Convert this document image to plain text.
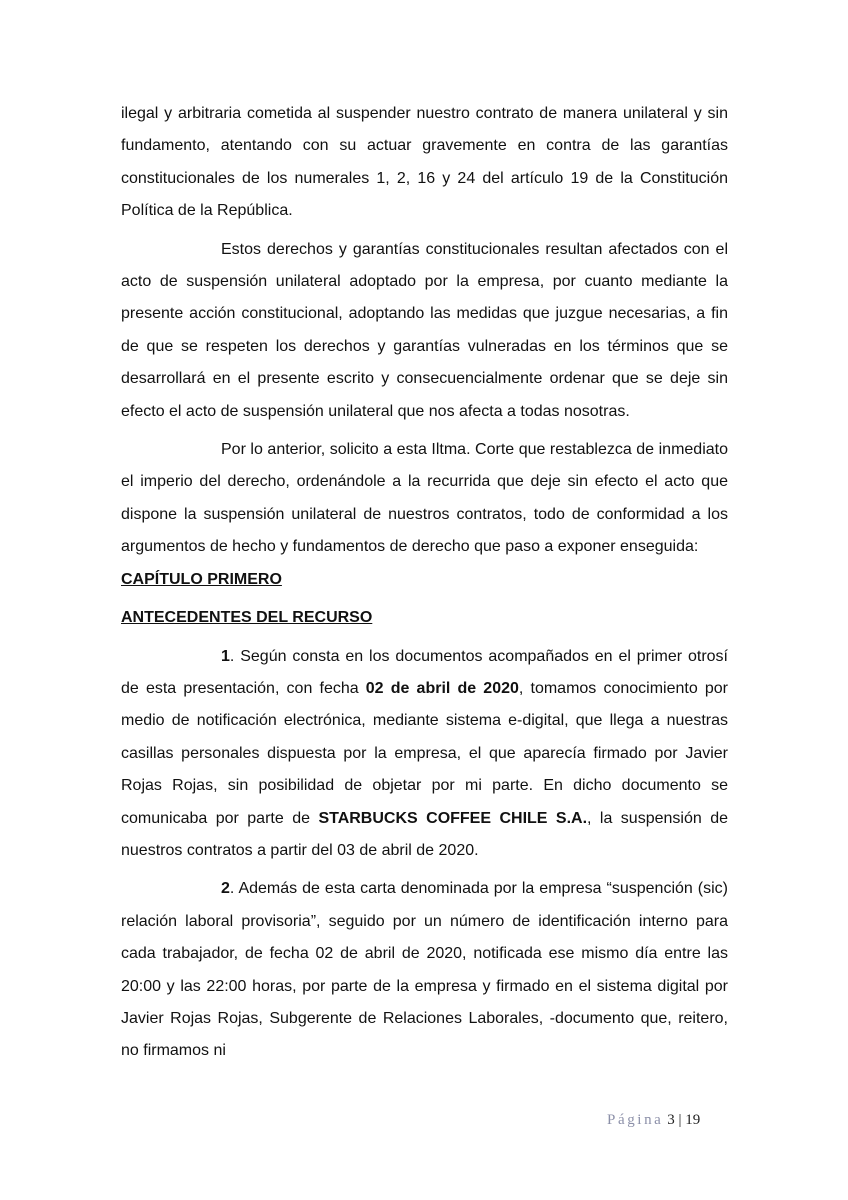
ilegal y arbitraria cometida al suspender nuestro contrato de manera unilateral y sin fundamento, atentando con su actuar gravemente en contra de las garantías constitucionales de los numerales 1, 2, 16 y 24 del artículo 19 de la Constitución Política de la República.

Estos derechos y garantías constitucionales resultan afectados con el acto de suspensión unilateral adoptado por la empresa, por cuanto mediante la presente acción constitucional, adoptando las medidas que juzgue necesarias, a fin de que se respeten los derechos y garantías vulneradas en los términos que se desarrollará en el presente escrito y consecuencialmente ordenar que se deje sin efecto el acto de suspensión unilateral que nos afecta a todas nosotras.

Por lo anterior, solicito a esta Iltma. Corte que restablezca de inmediato el imperio del derecho, ordenándole a la recurrida que deje sin efecto el acto que dispone la suspensión unilateral de nuestros contratos, todo de conformidad a los argumentos de hecho y fundamentos de derecho que paso a exponer enseguida:

CAPÍTULO PRIMERO

ANTECEDENTES DEL RECURSO

1. Según consta en los documentos acompañados en el primer otrosí de esta presentación, con fecha 02 de abril de 2020, tomamos conocimiento por medio de notificación electrónica, mediante sistema e-digital, que llega a nuestras casillas personales dispuesta por la empresa, el que aparecía firmado por Javier Rojas Rojas, sin posibilidad de objetar por mi parte. En dicho documento se comunicaba por parte de STARBUCKS COFFEE CHILE S.A., la suspensión de nuestros contratos a partir del 03 de abril de 2020.

2. Además de esta carta denominada por la empresa “suspención (sic) relación laboral provisoria”, seguido por un número de identificación interno para cada trabajador, de fecha 02 de abril de 2020, notificada ese mismo día entre las 20:00 y las 22:00 horas, por parte de la empresa y firmado en el sistema digital por Javier Rojas Rojas, Subgerente de Relaciones Laborales, -documento que, reitero, no firmamos ni

Página 3 | 19
